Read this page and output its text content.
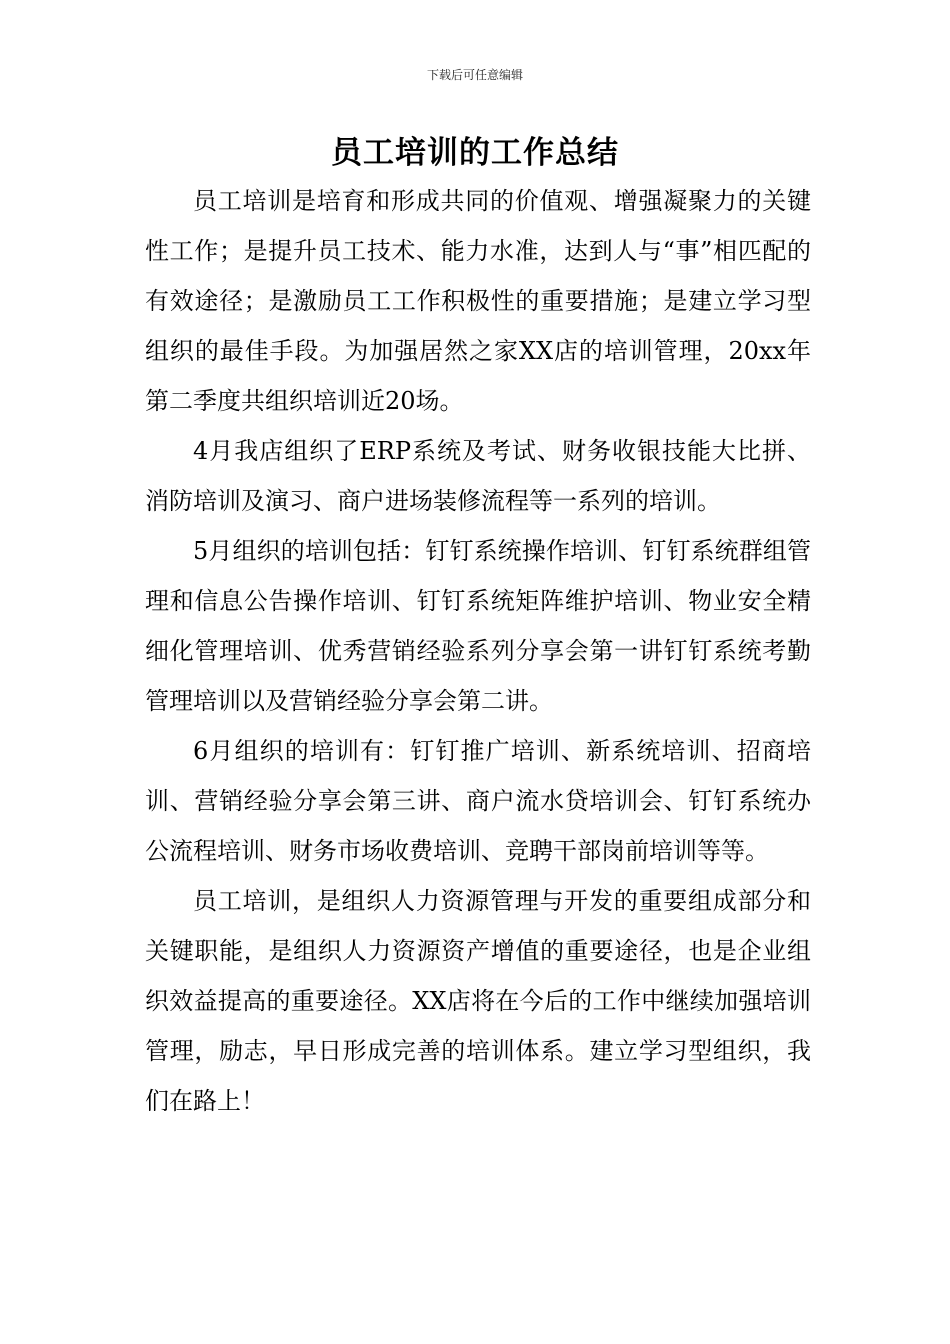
下载后可任意编辑
员工培训的工作总结

员工培训是培育和形成共同的价值观、增强凝聚力的关键性工作；是提升员工技术、能力水准，达到人与“事”相匹配的有效途径；是激励员工工作积极性的重要措施；是建立学习型组织的最佳手段。为加强居然之家XX店的培训管理，20xx年第二季度共组织培训近20场。

4月我店组织了ERP系统及考试、财务收银技能大比拼、消防培训及演习、商户进场装修流程等一系列的培训。

5月组织的培训包括：钉钉系统操作培训、钉钉系统群组管理和信息公告操作培训、钉钉系统矩阵维护培训、物业安全精细化管理培训、优秀营销经验系列分享会第一讲钉钉系统考勤管理培训以及营销经验分享会第二讲。

6月组织的培训有：钉钉推广培训、新系统培训、招商培训、营销经验分享会第三讲、商户流水贷培训会、钉钉系统办公流程培训、财务市场收费培训、竞聘干部岗前培训等等。

员工培训，是组织人力资源管理与开发的重要组成部分和关键职能，是组织人力资源资产增值的重要途径，也是企业组织效益提高的重要途径。XX店将在今后的工作中继续加强培训管理，励志，早日形成完善的培训体系。建立学习型组织，我们在路上！
